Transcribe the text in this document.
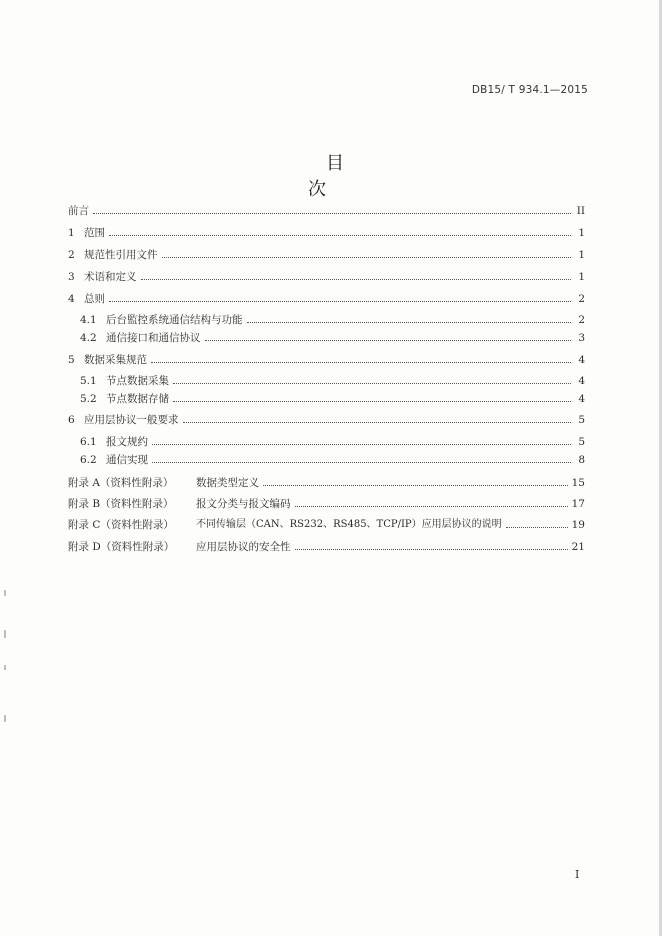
DB15/ T 934.1—2015
目 次
前言	II
1 范围	1
2 规范性引用文件	1
3 术语和定义	1
4 总则	2
4.1 后台監控系统通信结构与功能	2
4.2 通信接口和通信协议	3
5 数据采集规范	4
5.1 节点数据采集	4
5.2 节点数据存储	4
6 应用层协议一般要求	5
6.1 报文规约	5
6.2 通信实现	8
附录 A（资料性附录）	数据类型定义	15
附录 B（资料性附录）	报文分类与报文编码	17
附录 C（资料性附录）	不同传输层（CAN、RS232、RS485、TCP/IP）应用层协议的说明	19
附录 D（资料性附录）	应用层协议的安全性	21
I
